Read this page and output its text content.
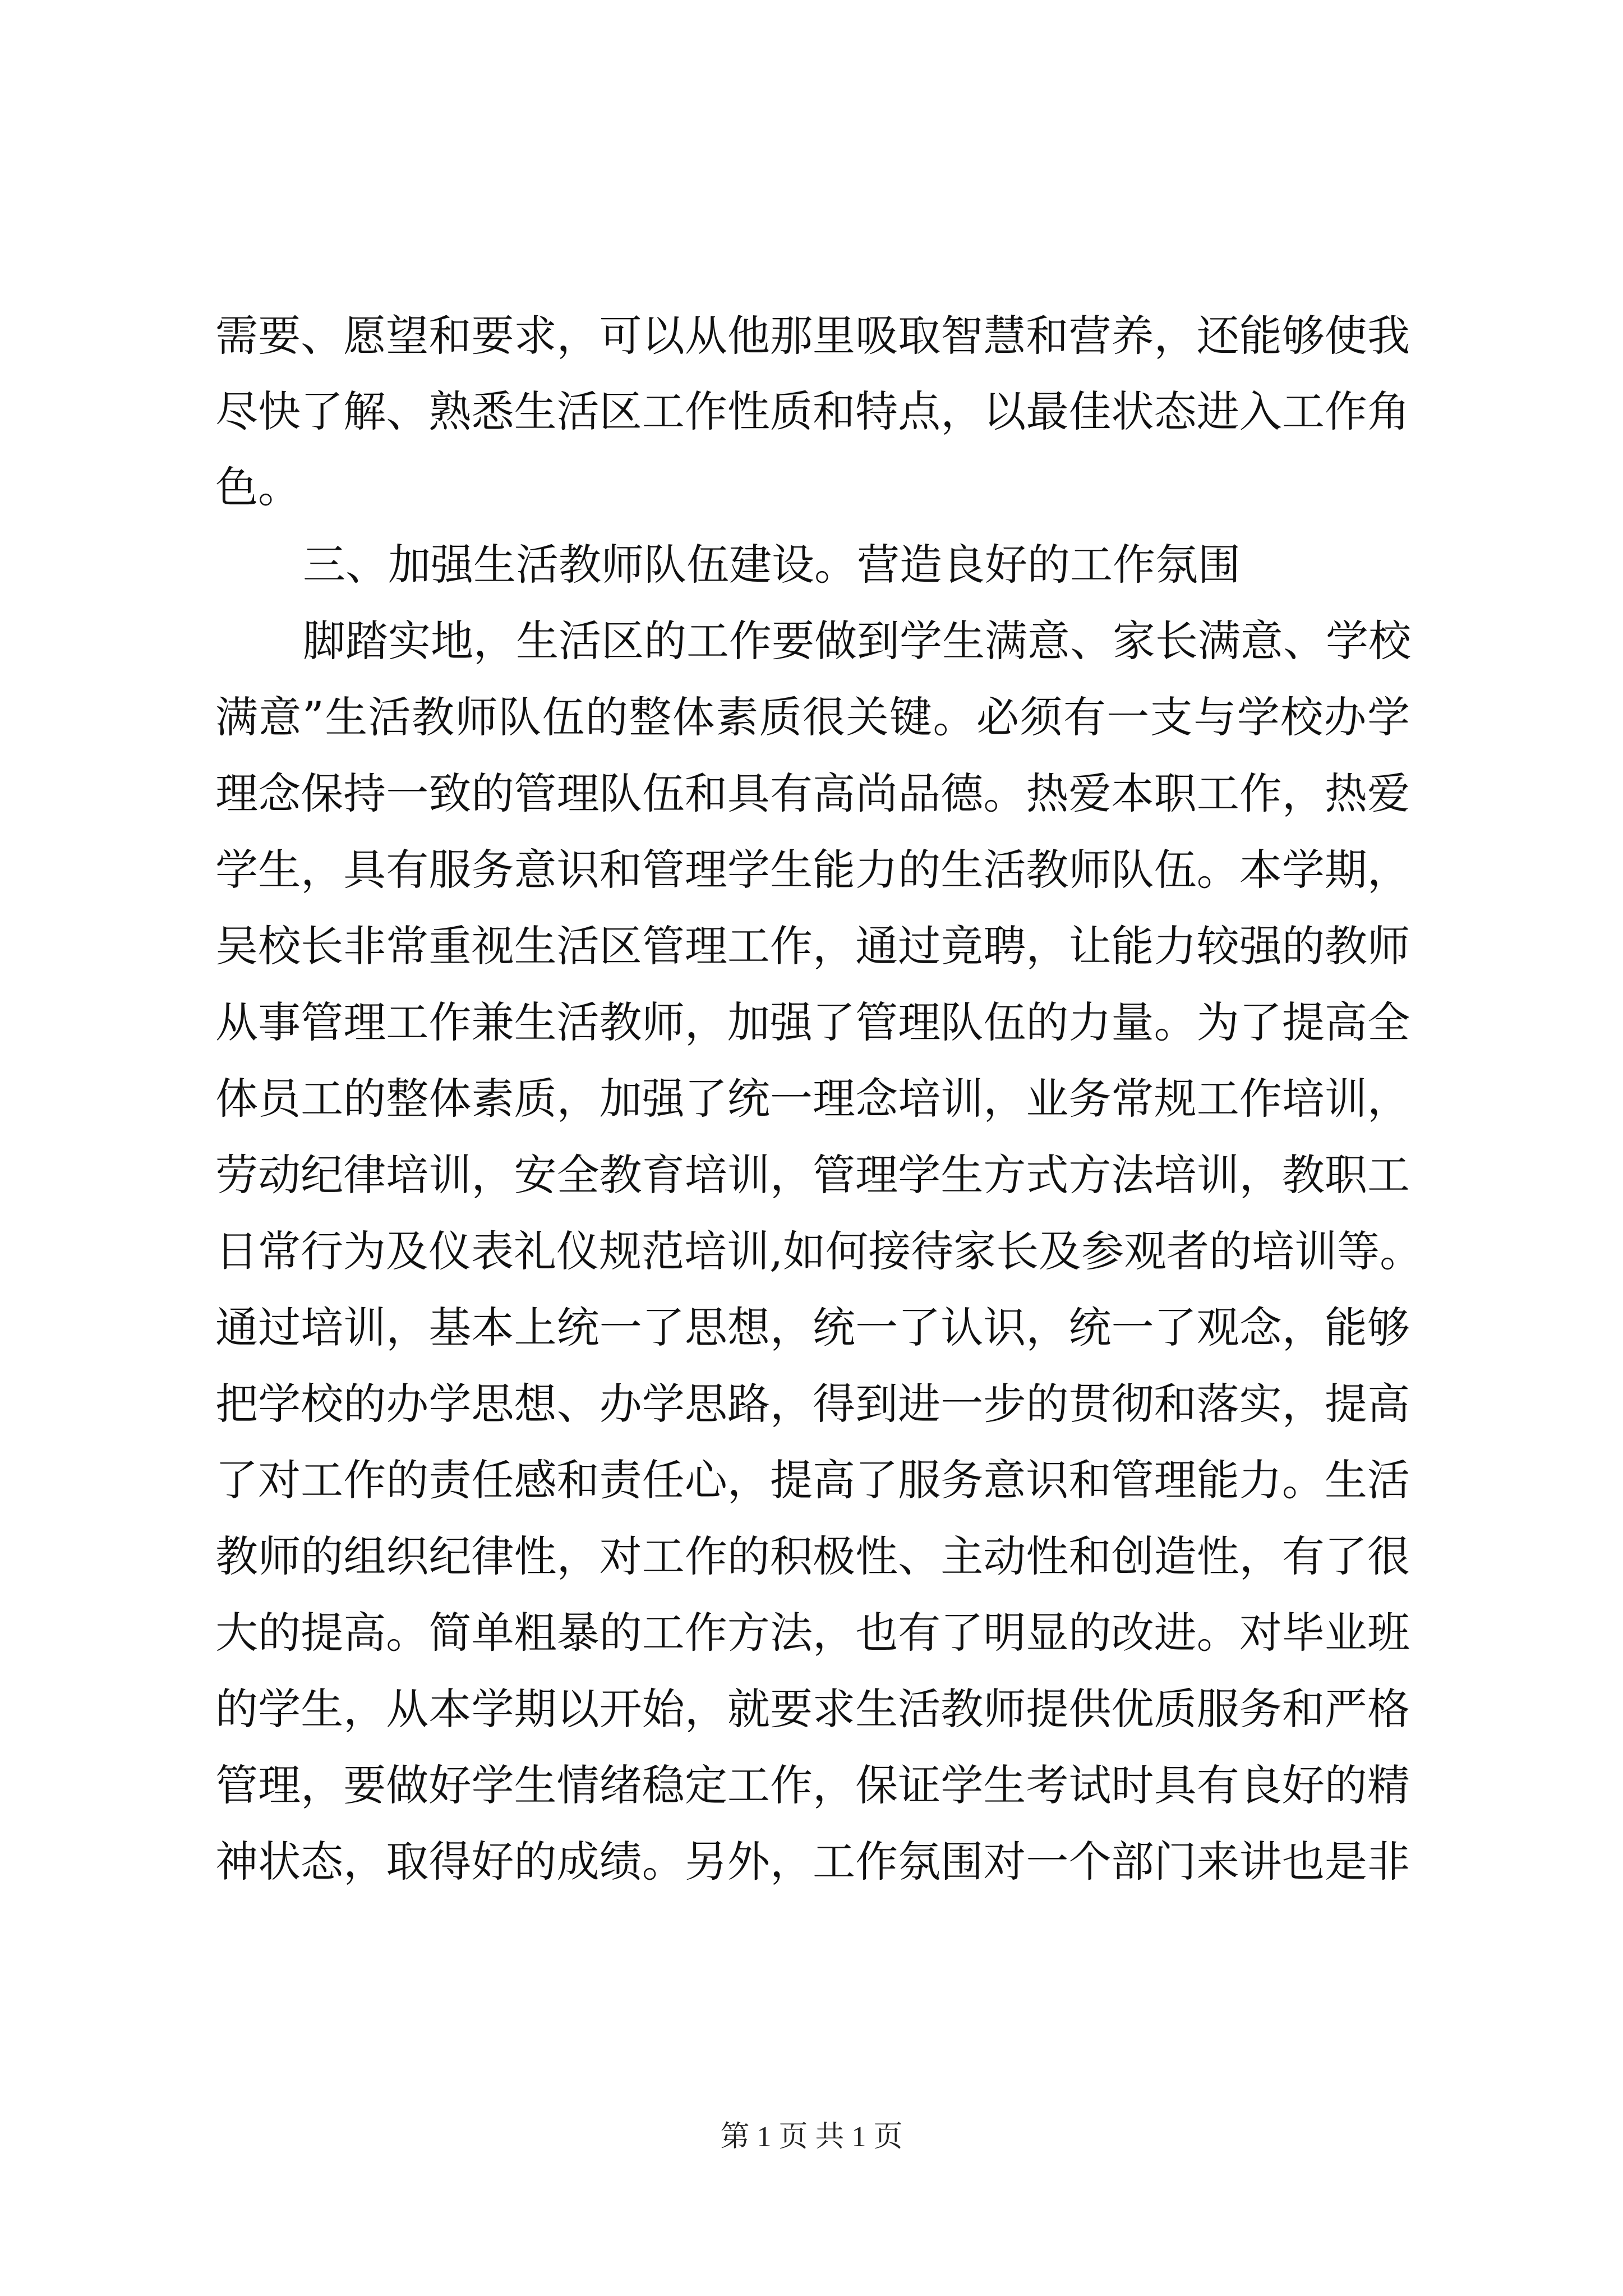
需要、愿望和要求，可以从他那里吸取智慧和营养，还能够使我
尽快了解、熟悉生活区工作性质和特点，以最佳状态进入工作角
色。
三、加强生活教师队伍建设。营造良好的工作氛围
脚踏实地，生活区的工作要做到学生满意、家长满意、学校
满意”生活教师队伍的整体素质很关键。必须有一支与学校办学
理念保持一致的管理队伍和具有高尚品德。热爱本职工作，热爱
学生，具有服务意识和管理学生能力的生活教师队伍。本学期，
吴校长非常重视生活区管理工作，通过竟聘，让能力较强的教师
从事管理工作兼生活教师，加强了管理队伍的力量。为了提高全
体员工的整体素质，加强了统一理念培训，业务常规工作培训，
劳动纪律培训，安全教育培训，管理学生方式方法培训，教职工
日常行为及仪表礼仪规范培训,如何接待家长及参观者的培训等。
通过培训，基本上统一了思想，统一了认识，统一了观念，能够
把学校的办学思想、办学思路，得到进一步的贯彻和落实，提高
了对工作的责任感和责任心，提高了服务意识和管理能力。生活
教师的组织纪律性，对工作的积极性、主动性和创造性，有了很
大的提高。简单粗暴的工作方法，也有了明显的改进。对毕业班
的学生，从本学期以开始，就要求生活教师提供优质服务和严格
管理，要做好学生情绪稳定工作，保证学生考试时具有良好的精
神状态，取得好的成绩。另外，工作氛围对一个部门来讲也是非
第 1 页 共 1 页
